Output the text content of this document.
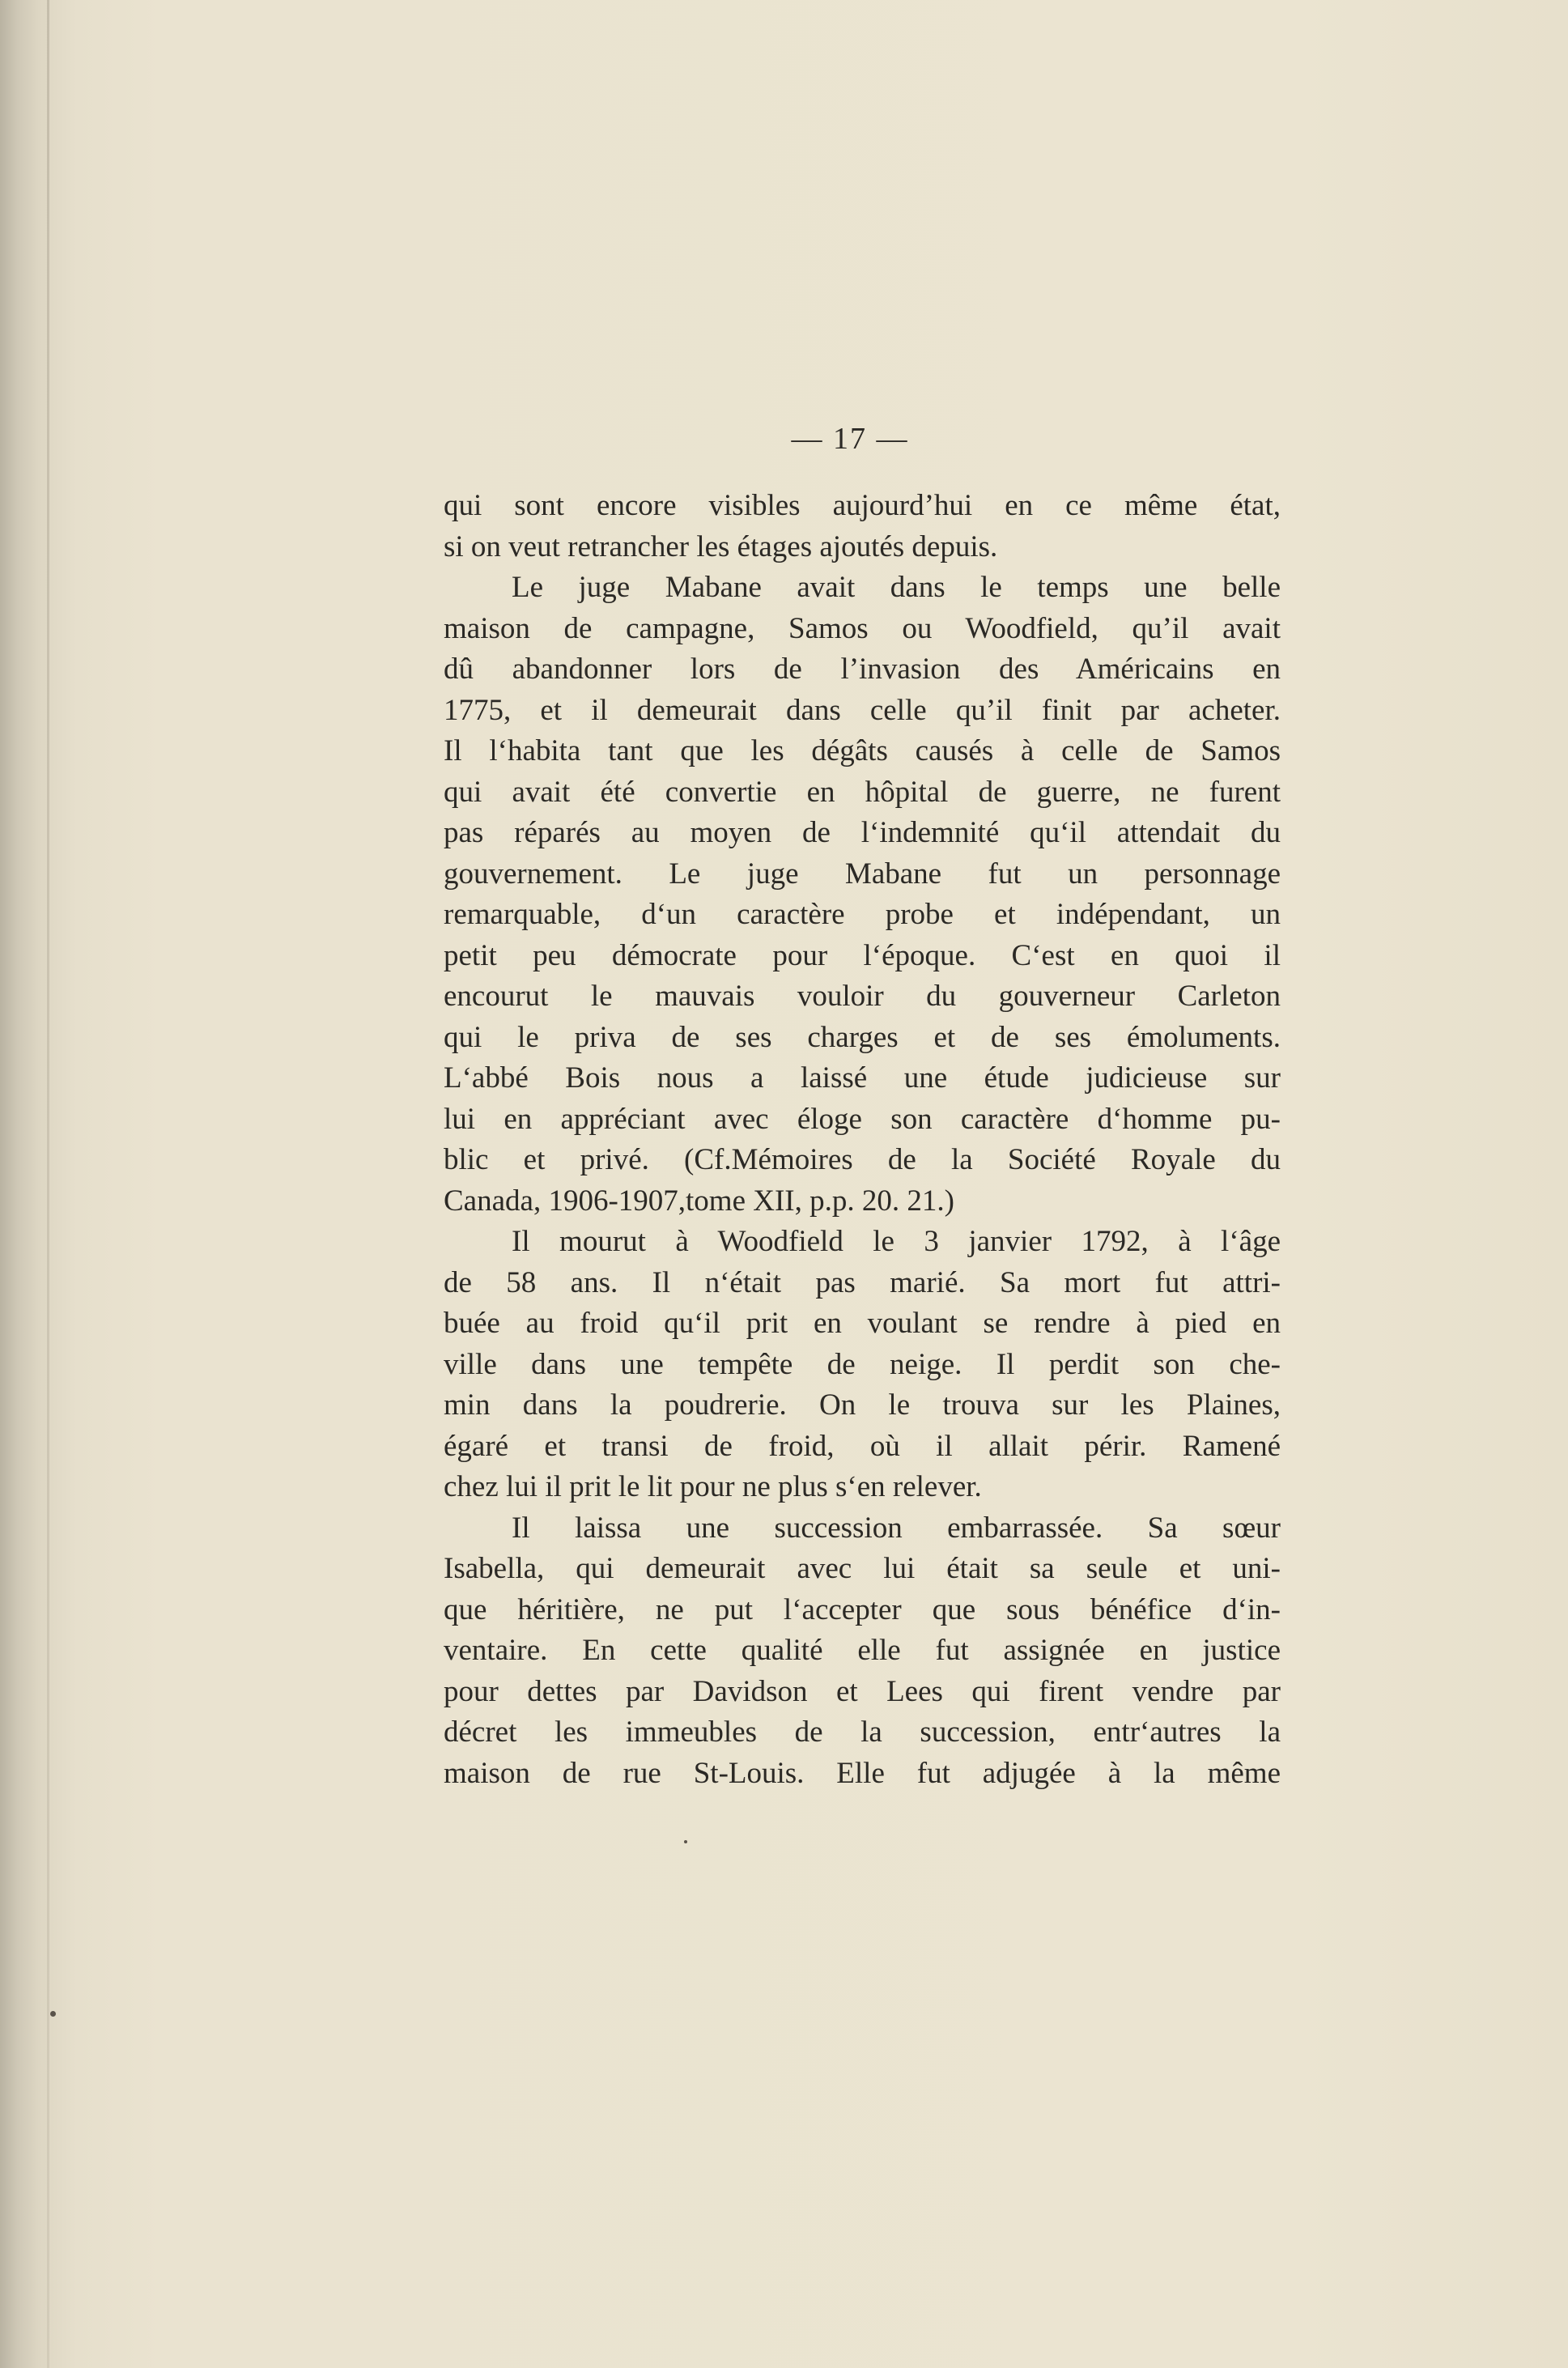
— 17 —
qui sont encore visibles aujourd’hui en ce même état,
si on veut retrancher les étages ajoutés depuis.
Le juge Mabane avait dans le temps une belle
maison de campagne, Samos ou Woodfield, qu’il avait
dû abandonner lors de l’invasion des Américains en
1775, et il demeurait dans celle qu’il finit par acheter.
Il l‘habita tant que les dégâts causés à celle de Samos
qui avait été convertie en hôpital de guerre, ne furent
pas réparés au moyen de l‘indemnité qu‘il attendait du
gouvernement. Le juge Mabane fut un personnage
remarquable, d‘un caractère probe et indépendant, un
petit peu démocrate pour l‘époque. C‘est en quoi il
encourut le mauvais vouloir du gouverneur Carleton
qui le priva de ses charges et de ses émoluments.
L‘abbé Bois nous a laissé une étude judicieuse sur
lui en appréciant avec éloge son caractère d‘homme pu-
blic et privé. (Cf.Mémoires de la Société Royale du
Canada, 1906-1907,tome XII, p.p. 20. 21.)
Il mourut à Woodfield le 3 janvier 1792, à l‘âge
de 58 ans. Il n‘était pas marié. Sa mort fut attri-
buée au froid qu‘il prit en voulant se rendre à pied en
ville dans une tempête de neige. Il perdit son che-
min dans la poudrerie. On le trouva sur les Plaines,
égaré et transi de froid, où il allait périr. Ramené
chez lui il prit le lit pour ne plus s‘en relever.
Il laissa une succession embarrassée. Sa sœur
Isabella, qui demeurait avec lui était sa seule et uni-
que héritière, ne put l‘accepter que sous bénéfice d‘in-
ventaire. En cette qualité elle fut assignée en justice
pour dettes par Davidson et Lees qui firent vendre par
décret les immeubles de la succession, entr‘autres la
maison de rue St-Louis. Elle fut adjugée à la même
